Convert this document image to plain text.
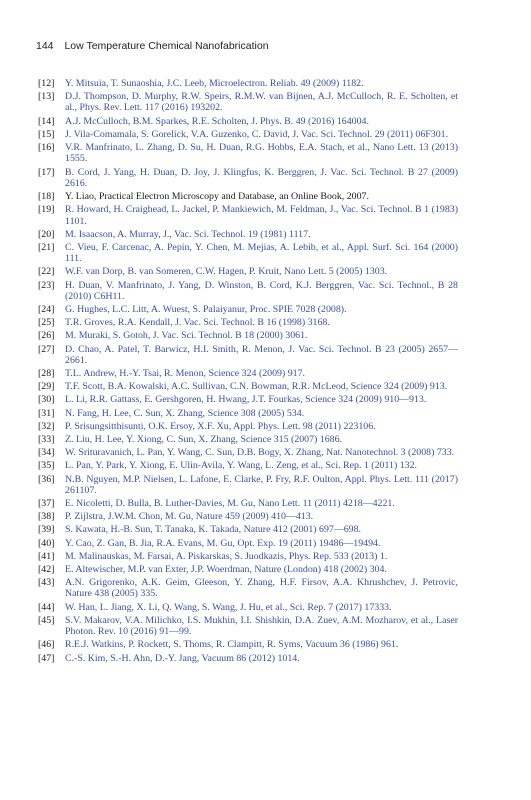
144 Low Temperature Chemical Nanofabrication
[12]	Y. Mitsuia, T. Sunaoshia, J.C. Leeb, Microelectron. Reliab. 49 (2009) 1182.
[13]	D.J. Thompson, D. Murphy, R.W. Speirs, R.M.W. van Bijnen, A.J. McCulloch, R. E. Scholten, et al., Phys. Rev. Lett. 117 (2016) 193202.
[14]	A.J. McCulloch, B.M. Sparkes, R.E. Scholten, J. Phys. B. 49 (2016) 164004.
[15]	J. Vila-Comamala, S. Gorelick, V.A. Guzenko, C. David, J. Vac. Sci. Technol. 29 (2011) 06F301.
[16]	V.R. Manfrinato, L. Zhang, D. Su, H. Duan, R.G. Hobbs, E.A. Stach, et al., Nano Lett. 13 (2013) 1555.
[17]	B. Cord, J. Yang, H. Duan, D. Joy, J. Klingfus, K. Berggren, J. Vac. Sci. Technol. B 27 (2009) 2616.
[18]	Y. Liao, Practical Electron Microscopy and Database, an Online Book, 2007.
[19]	R. Howard, H. Craighead, L. Jackel, P. Mankiewich, M. Feldman, J., Vac. Sci. Technol. B 1 (1983) 1101.
[20]	M. Isaacson, A. Murray, J., Vac. Sci. Technol. 19 (1981) 1117.
[21]	C. Vieu, F. Carcenac, A. Pepin, Y. Chen, M. Mejias, A. Lebib, et al., Appl. Surf. Sci. 164 (2000) 111.
[22]	W.F. van Dorp, B. van Someren, C.W. Hagen, P. Kruit, Nano Lett. 5 (2005) 1303.
[23]	H. Duan, V. Manfrinato, J. Yang, D. Winston, B. Cord, K.J. Berggren, Vac. Sci. Technol., B 28 (2010) C6H11.
[24]	G. Hughes, L.C. Litt, A. Wuest, S. Palaiyanur, Proc. SPIE 7028 (2008).
[25]	T.R. Groves, R.A. Kendall, J. Vac. Sci. Technol. B 16 (1998) 3168.
[26]	M. Muraki, S. Gotoh, J. Vac. Sci. Technol. B 18 (2000) 3061.
[27]	D. Chao, A. Patel, T. Barwicz, H.I. Smith, R. Menon, J. Vac. Sci. Technol. B 23 (2005) 2657—2661.
[28]	T.L. Andrew, H.-Y. Tsai, R. Menon, Science 324 (2009) 917.
[29]	T.F. Scott, B.A. Kowalski, A.C. Sullivan, C.N. Bowman, R.R. McLeod, Science 324 (2009) 913.
[30]	L. Li, R.R. Gattass, E. Gershgoren, H. Hwang, J.T. Fourkas, Science 324 (2009) 910—913.
[31]	N. Fang, H. Lee, C. Sun, X. Zhang, Science 308 (2005) 534.
[32]	P. Srisungsitthisunti, O.K. Ersoy, X.F. Xu, Appl. Phys. Lett. 98 (2011) 223106.
[33]	Z. Liu, H. Lee, Y. Xiong, C. Sun, X. Zhang, Science 315 (2007) 1686.
[34]	W. Srituravanich, L. Pan, Y. Wang, C. Sun, D.B. Bogy, X. Zhang, Nat. Nanotechnol. 3 (2008) 733.
[35]	L. Pan, Y. Park, Y. Xiong, E. Ulin-Avila, Y. Wang, L. Zeng, et al., Sci. Rep. 1 (2011) 132.
[36]	N.B. Nguyen, M.P. Nielsen, L. Lafone, E. Clarke, P. Fry, R.F. Oulton, Appl. Phys. Lett. 111 (2017) 261107.
[37]	E. Nicoletti, D. Bulla, B. Luther-Davies, M. Gu, Nano Lett. 11 (2011) 4218—4221.
[38]	P. Zijlstra, J.W.M. Chon, M. Gu, Nature 459 (2009) 410—413.
[39]	S. Kawata, H.-B. Sun, T. Tanaka, K. Takada, Nature 412 (2001) 697—698.
[40]	Y. Cao, Z. Gan, B. Jia, R.A. Evans, M. Gu, Opt. Exp. 19 (2011) 19486—19494.
[41]	M. Malinauskas, M. Farsai, A. Piskarskas, S. Juodkazis, Phys. Rep. 533 (2013) 1.
[42]	E. Altewischer, M.P. van Exter, J.P. Woerdman, Nature (London) 418 (2002) 304.
[43]	A.N. Grigorenko, A.K. Geim, Gleeson, Y. Zhang, H.F. Firsov, A.A. Khrushchev, J. Petrovic, Nature 438 (2005) 335.
[44]	W. Han, L. Jiang, X. Li, Q. Wang, S. Wang, J. Hu, et al., Sci. Rep. 7 (2017) 17333.
[45]	S.V. Makarov, V.A. Milichko, I.S. Mukhin, I.I. Shishkin, D.A. Zuev, A.M. Mozharov, et al., Laser Photon. Rev. 10 (2016) 91—99.
[46]	R.E.J. Watkins, P. Rockett, S. Thoms, R. Clampitt, R. Syms, Vacuum 36 (1986) 961.
[47]	C.-S. Kim, S.-H. Ahn, D.-Y. Jang, Vacuum 86 (2012) 1014.
